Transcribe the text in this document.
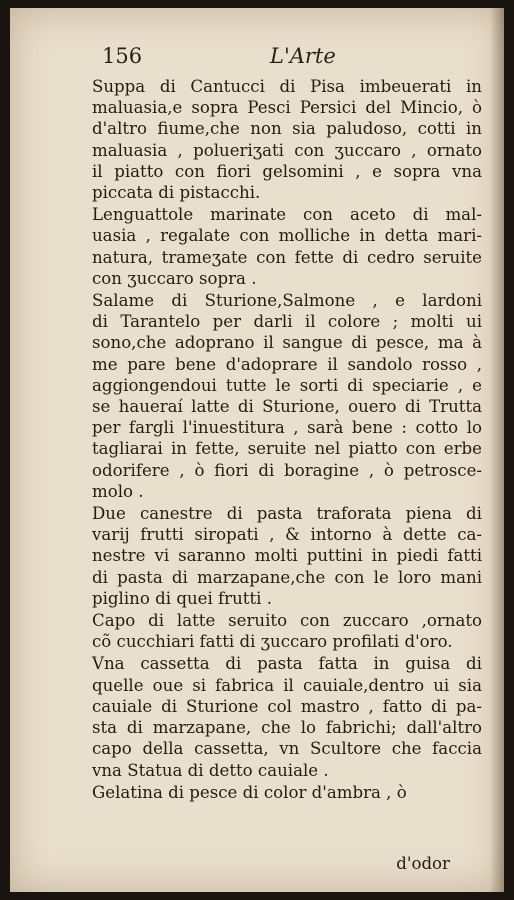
156	L'Arte
Suppa di Cantucci di Pisa imbeuerati in
maluasia,e sopra Pesci Persici del Mincio, ò
d'altro fiume,che non sia paludoso, cotti in
maluasia , polueriʒati con ʒuccaro , ornato
il piatto con fiori gelsomini , e sopra vna
piccata di pistacchi.
Lenguattole marinate con aceto di mal-
uasia , regalate con molliche in detta mari-
natura, trameʒate con fette di cedro seruite
con ʒuccaro sopra .
Salame di Sturione,Salmone , e lardoni
di Tarantelo per darli il colore ; molti ui
sono,che adoprano il sangue di pesce, ma à
me pare bene d'adoprare il sandolo rosso ,
aggiongendoui tutte le sorti di speciarie , e
se haueraí latte di Sturione, ouero di Trutta
per fargli l'inuestitura , sarà bene : cotto lo
tagliarai in fette, seruite nel piatto con erbe
odorifere , ò fiori di boragine , ò petrosce-
molo .
Due canestre di pasta traforata piena di
varij frutti siropati , & intorno à dette ca-
nestre vi saranno molti puttini in piedi fatti
di pasta di marzapane,che con le loro mani
piglino di quei frutti .
Capo di latte seruito con zuccaro ,ornato
cõ cucchiari fatti di ʒuccaro profilati d'oro.
Vna cassetta di pasta fatta in guisa di
quelle oue si fabrica il cauiale,dentro ui sia
cauiale di Sturione col mastro , fatto di pa-
sta di marzapane, che lo fabrichi; dall'altro
capo della cassetta, vn Scultore che faccia
vna Statua di detto cauiale .
Gelatina di pesce di color d'ambra , ò
d'odor
